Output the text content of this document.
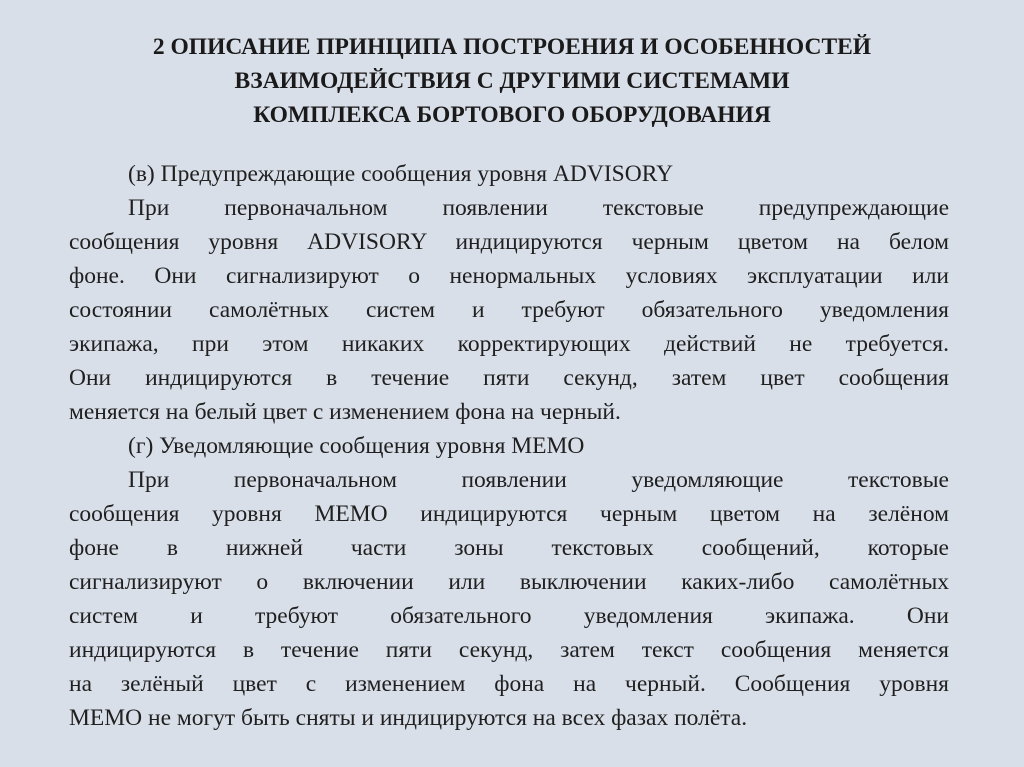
2 ОПИСАНИЕ ПРИНЦИПА ПОСТРОЕНИЯ И ОСОБЕННОСТЕЙ
ВЗАИМОДЕЙСТВИЯ С ДРУГИМИ СИСТЕМАМИ
КОМПЛЕКСА БОРТОВОГО ОБОРУДОВАНИЯ
(в) Предупреждающие сообщения уровня ADVISORY
При первоначальном появлении текстовые предупреждающие
сообщения уровня ADVISORY индицируются черным цветом на белом
фоне. Они сигнализируют о ненормальных условиях эксплуатации или
состоянии самолётных систем и требуют обязательного уведомления
экипажа, при этом никаких корректирующих действий не требуется.
Они индицируются в течение пяти секунд, затем цвет сообщения
меняется на белый цвет с изменением фона на черный.
(г) Уведомляющие сообщения уровня MEMO
При первоначальном появлении уведомляющие текстовые
сообщения уровня MEMO индицируются черным цветом на зелёном
фоне в нижней части зоны текстовых сообщений, которые
сигнализируют о включении или выключении каких-либо самолётных
систем и требуют обязательного уведомления экипажа. Они
индицируются в течение пяти секунд, затем текст сообщения меняется
на зелёный цвет с изменением фона на черный. Сообщения уровня
MEMO не могут быть сняты и индицируются на всех фазах полёта.
